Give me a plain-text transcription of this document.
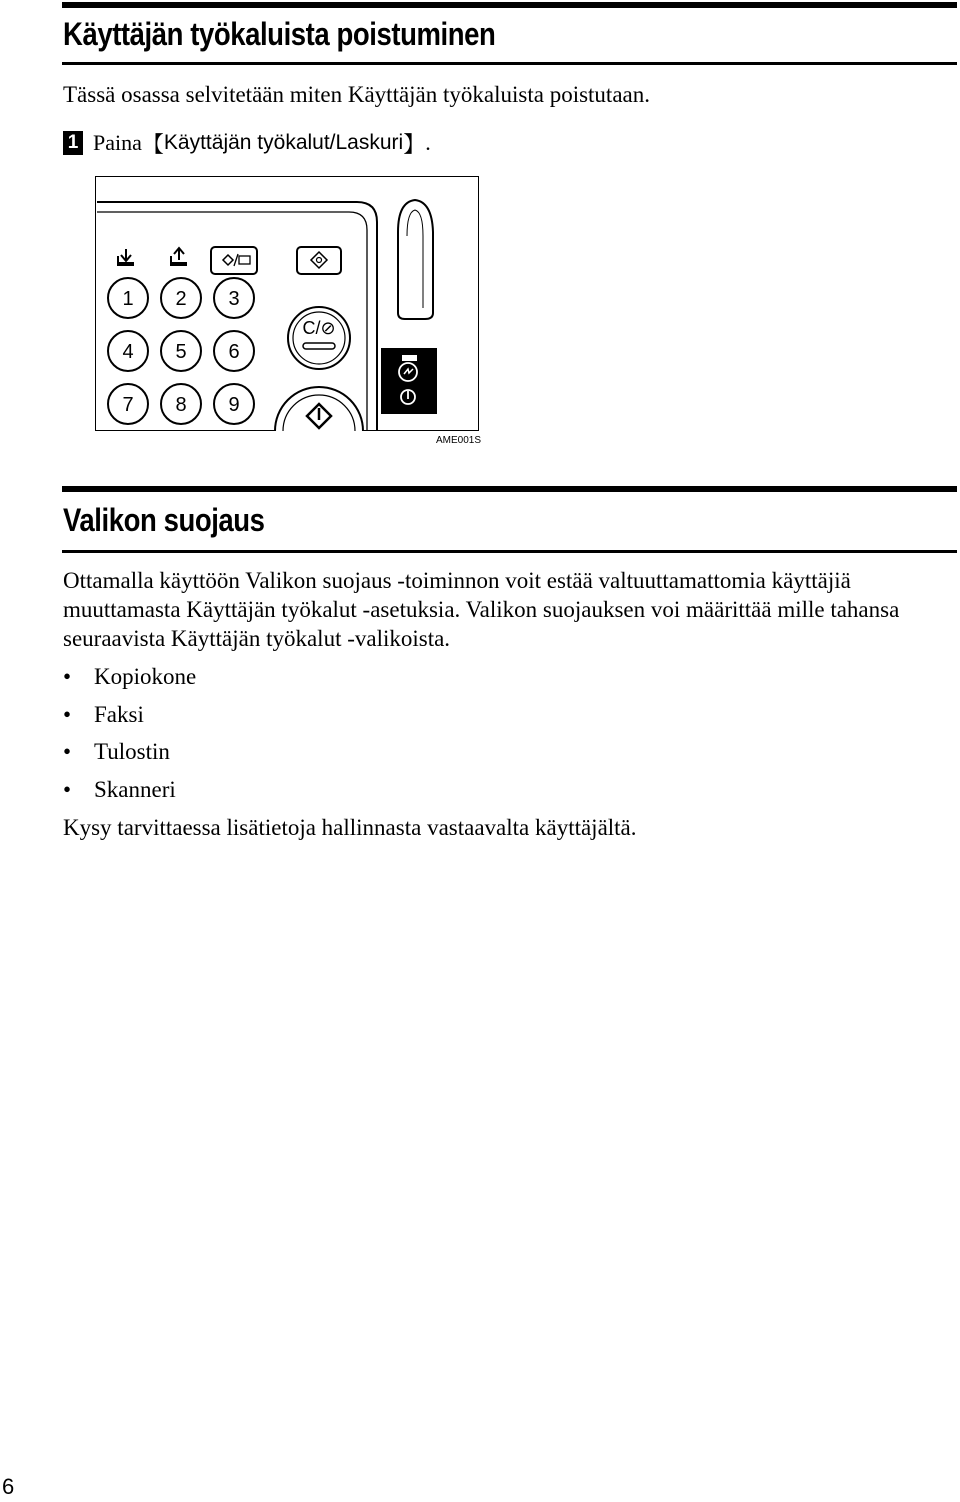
Käyttäjän työkaluista poistuminen
Tässä osassa selvitetään miten Käyttäjän työkaluista poistutaan.
1 Paina 【 Käyttäjän työkalut/Laskuri 】 .
1 2 3
4 5 6
7 8 9
C/⊘
AME001S
Valikon suojaus
Ottamalla käyttöön Valikon suojaus -toiminnon voit estää valtuuttamattomia käyttäjiä muuttamasta Käyttäjän työkalut -asetuksia. Valikon suojauksen voi määrittää mille tahansa seuraavista Käyttäjän työkalut -valikoista.
• Kopiokone
• Faksi
• Tulostin
• Skanneri
Kysy tarvittaessa lisätietoja hallinnasta vastaavalta käyttäjältä.
6
